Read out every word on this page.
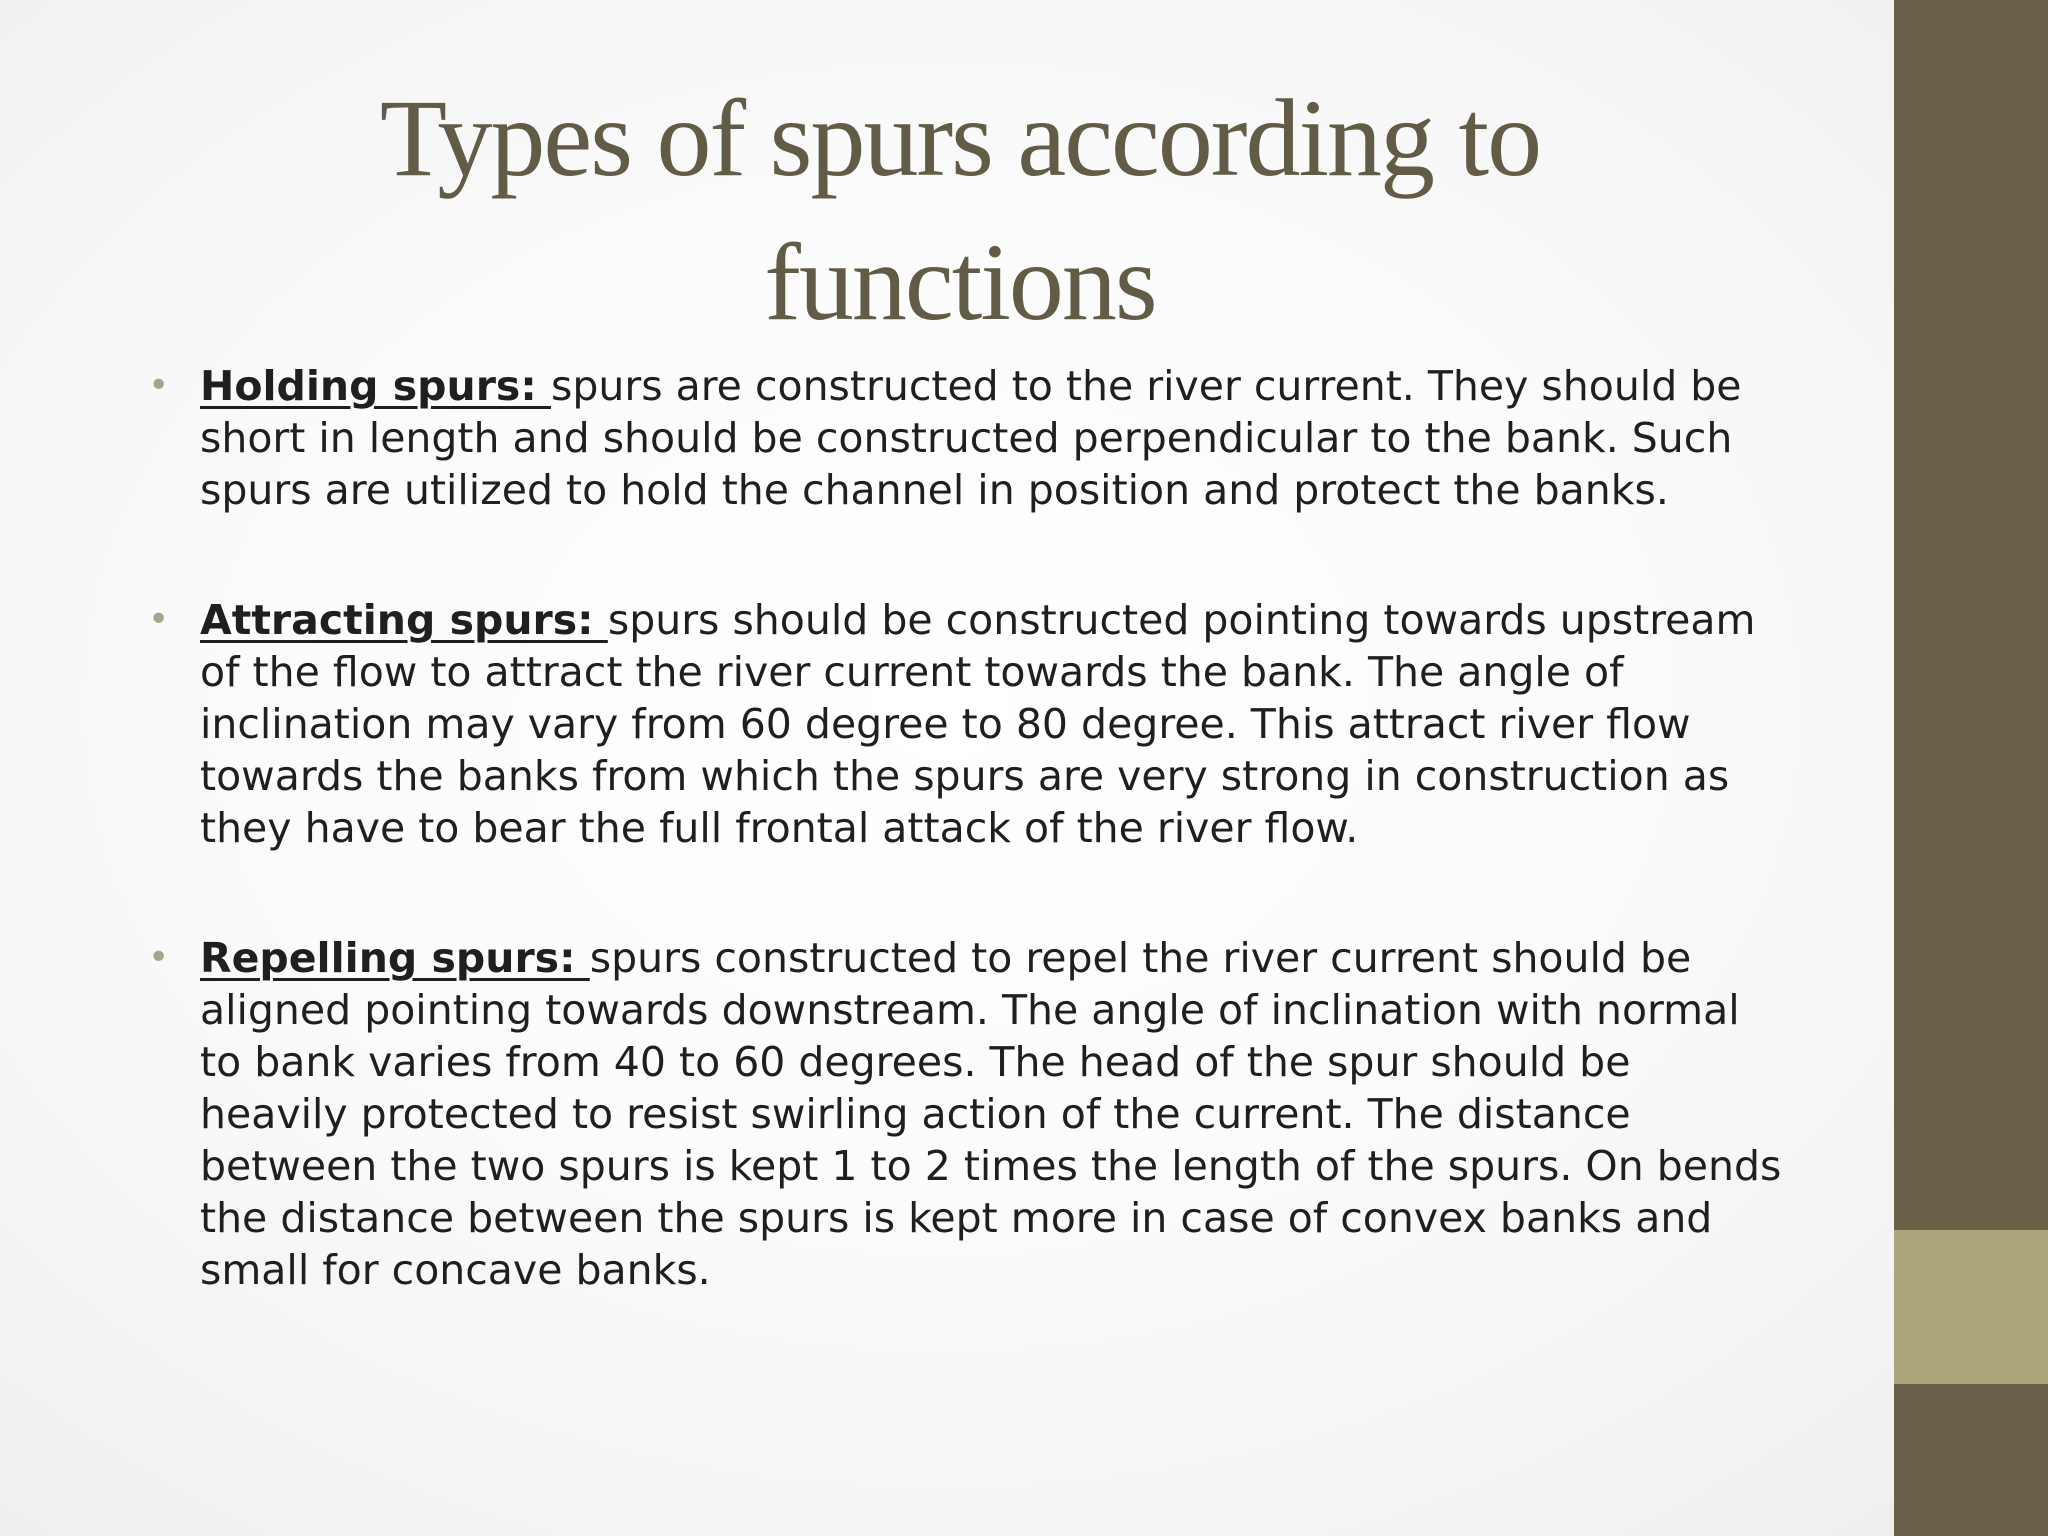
Types of spurs according to functions
• Holding spurs: spurs are constructed to the river current. They should be short in length and should be constructed perpendicular to the bank. Such spurs are utilized to hold the channel in position and protect the banks.
• Attracting spurs: spurs should be constructed pointing towards upstream of the flow to attract the river current towards the bank. The angle of inclination may vary from 60 degree to 80 degree. This attract river flow towards the banks from which the spurs are very strong in construction as they have to bear the full frontal attack of the river flow.
• Repelling spurs: spurs constructed to repel the river current should be aligned pointing towards downstream. The angle of inclination with normal to bank varies from 40 to 60 degrees. The head of the spur should be heavily protected to resist swirling action of the current. The distance between the two spurs is kept 1 to 2 times the length of the spurs. On bends the distance between the spurs is kept more in case of convex banks and small for concave banks.
